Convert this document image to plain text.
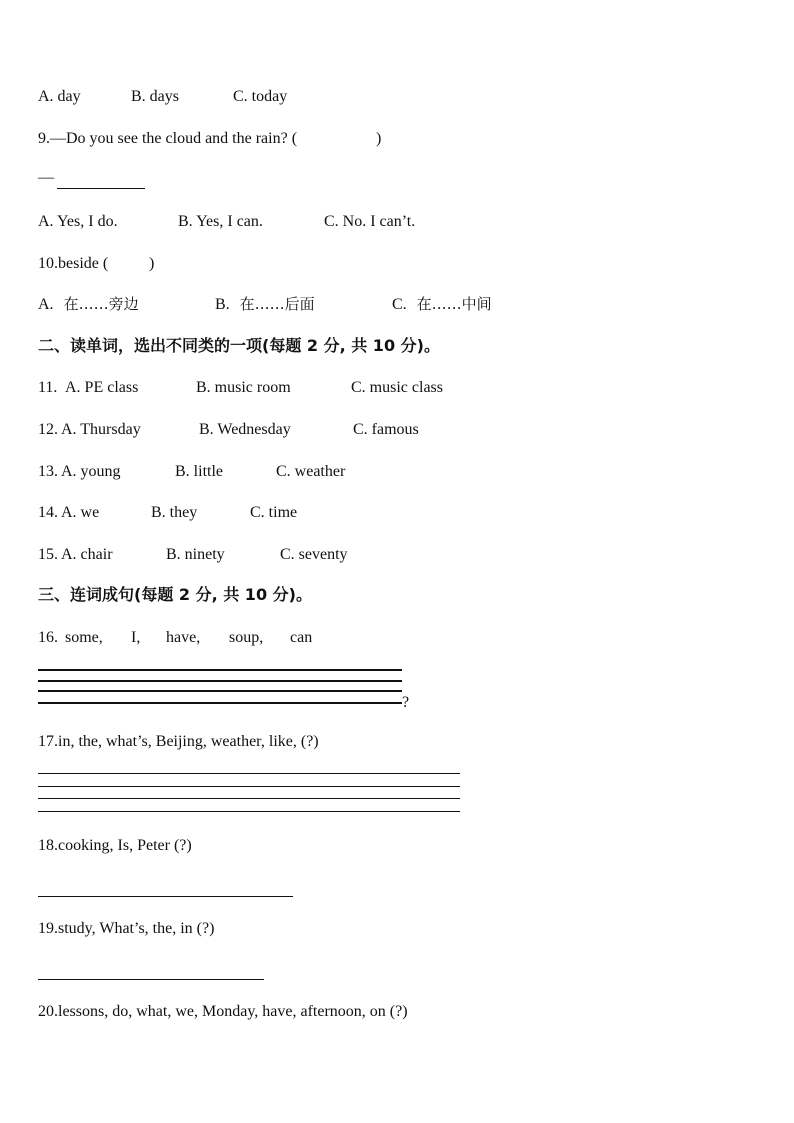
A. day	B. days	C. today
9.—Do you see the cloud and the rain? (	)
—
A. Yes, I do.	B. Yes, I can.	C. No. I can’t.
10.beside (	)
A. 在……旁边	B. 在……后面	C. 在……中间
二、读单词，选出不同类的一项(每题 2 分, 共 10 分)。
11. A. PE class	B. music room	C. music class
12. A. Thursday	B. Wednesday	C. famous
13. A. young	B. little	C. weather
14. A. we	B. they	C. time
15. A. chair	B. ninety	C. seventy
三、连词成句(每题 2 分, 共 10 分)。
16. some, I, have, soup, can
?
17.in, the, what’s, Beijing, weather, like, (?)
18.cooking, Is, Peter (?)
19.study, What’s, the, in (?)
20.lessons, do, what, we, Monday, have, afternoon, on (?)
